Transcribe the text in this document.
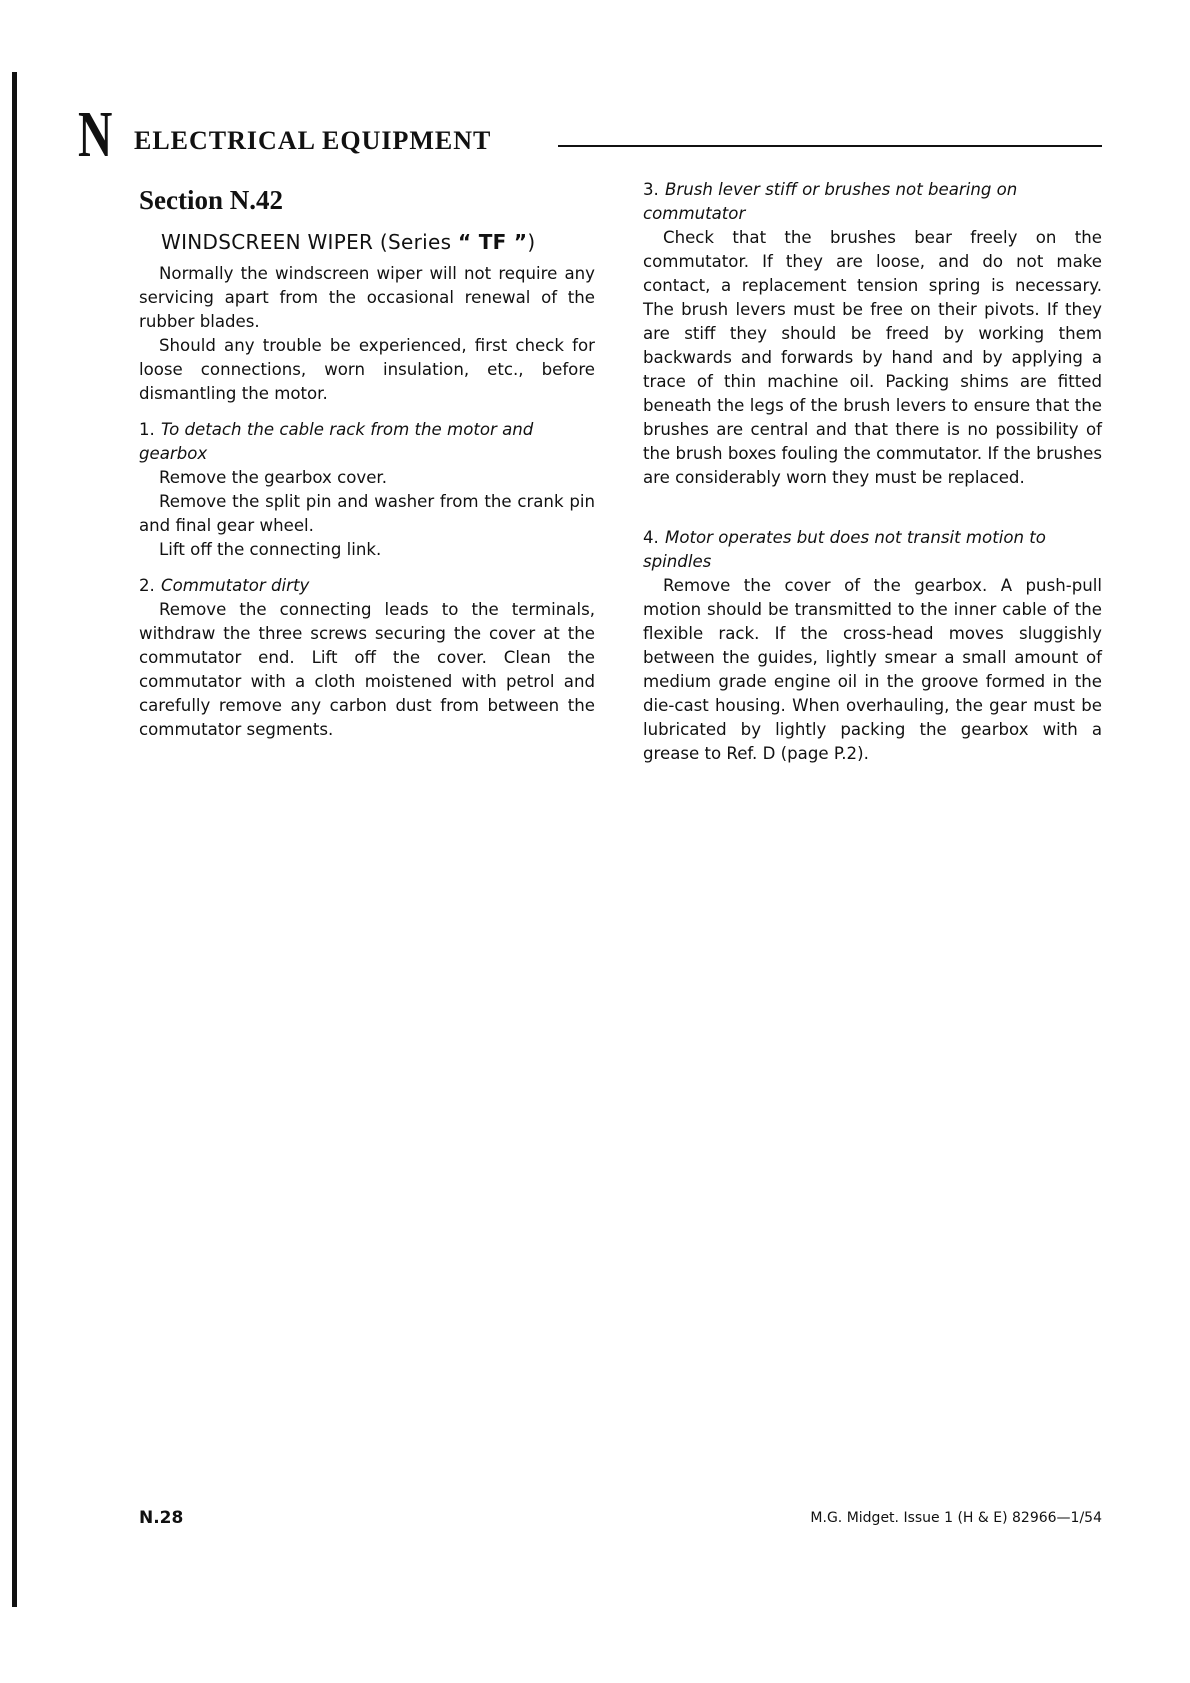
N ELECTRICAL EQUIPMENT
Section N.42
WINDSCREEN WIPER (Series “ TF ”)

Normally the windscreen wiper will not require any servicing apart from the occasional renewal of the rubber blades.

Should any trouble be experienced, first check for loose connections, worn insulation, etc., before dismantling the motor.

1. To detach the cable rack from the motor and gearbox

Remove the gearbox cover.

Remove the split pin and washer from the crank pin and final gear wheel.

Lift off the connecting link.

2. Commutator dirty

Remove the connecting leads to the terminals, withdraw the three screws securing the cover at the commutator end. Lift off the cover. Clean the commutator with a cloth moistened with petrol and carefully remove any carbon dust from between the commutator segments.

3. Brush lever stiff or brushes not bearing on commutator

Check that the brushes bear freely on the commutator. If they are loose, and do not make contact, a replacement tension spring is necessary. The brush levers must be free on their pivots. If they are stiff they should be freed by working them backwards and forwards by hand and by applying a trace of thin machine oil. Packing shims are fitted beneath the legs of the brush levers to ensure that the brushes are central and that there is no possibility of the brush boxes fouling the commutator. If the brushes are considerably worn they must be replaced.

4. Motor operates but does not transit motion to spindles

Remove the cover of the gearbox. A push-pull motion should be transmitted to the inner cable of the flexible rack. If the cross-head moves sluggishly between the guides, lightly smear a small amount of medium grade engine oil in the groove formed in the die-cast housing. When overhauling, the gear must be lubricated by lightly packing the gearbox with a grease to Ref. D (page P.2).

N.28	M.G. Midget. Issue 1 (H & E) 82966—1/54
